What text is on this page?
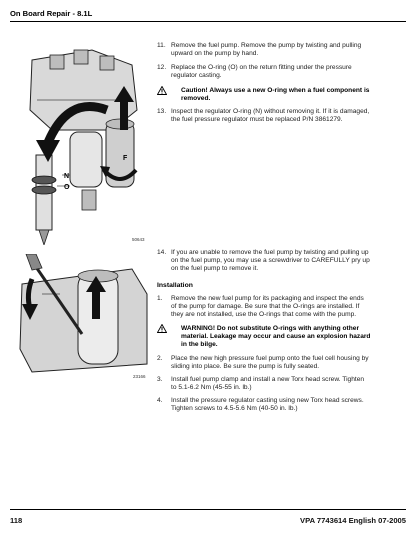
On Board Repair - 8.1L
F
N
O
50643
23166

11. Remove the fuel pump. Remove the pump by twisting and pulling upward on the pump by hand.

12. Replace the O-ring (O) on the return fitting under the pressure regulator casting.

Caution! Always use a new O-ring when a fuel component is removed.

13. Inspect the regulator O-ring (N) without removing it. If it is damaged, the fuel pressure regulator must be replaced P/N 3861279.

14. If you are unable to remove the fuel pump by twisting and pulling up on the fuel pump, you may use a screwdriver to CAREFULLY pry up on the fuel pump to remove it.

Installation

1. Remove the new fuel pump for its packaging and inspect the ends of the pump for damage. Be sure that the O-rings are installed. If they are not installed, use the O-rings that come with the pump.

WARNING! Do not substitute O-rings with anything other material. Leakage may occur and cause an explosion hazard in the bilge.

2. Place the new high pressure fuel pump onto the fuel cell housing by sliding into place. Be sure the pump is fully seated.

3. Install fuel pump clamp and install a new Torx head screw. Tighten to 5.1-6.2 Nm (45-55 in. lb.)

4. Install the pressure regulator casting using new Torx head screws. Tighten screws to 4.5-5.6 Nm (40-50 in. lb.)

118	VPA 7743614 English 07-2005
